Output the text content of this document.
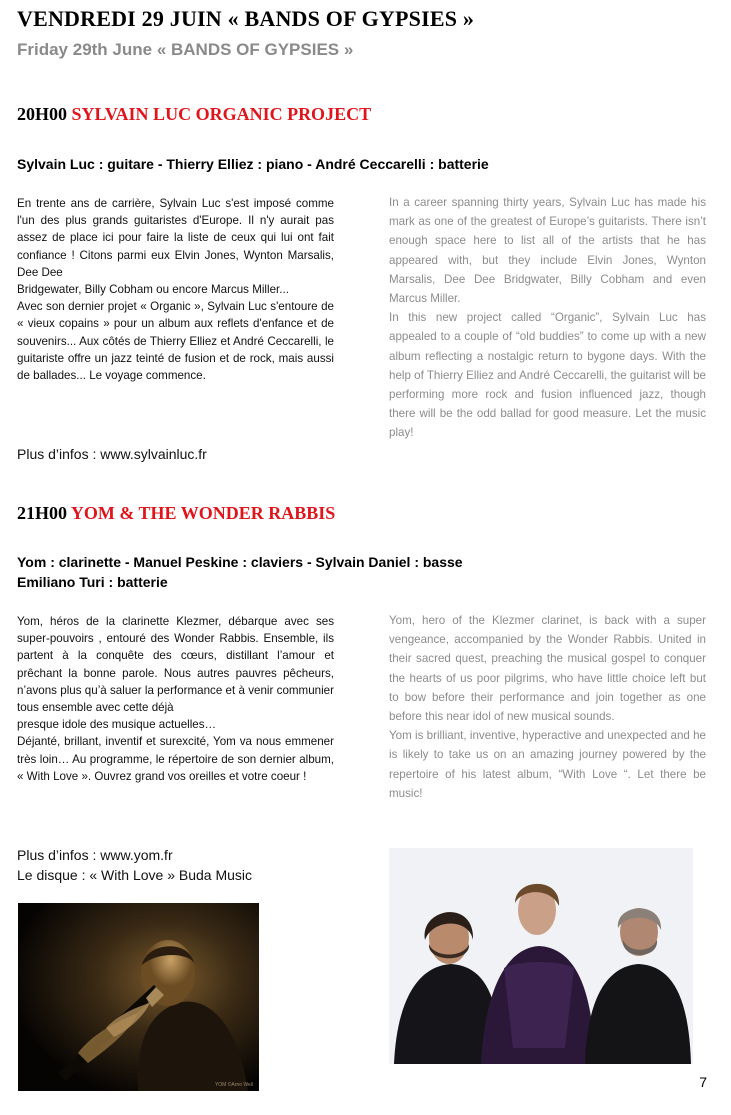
VENDREDI 29 JUIN « BANDS OF GYPSIES »
Friday 29th June « BANDS OF GYPSIES »
20H00 SYLVAIN LUC ORGANIC PROJECT
Sylvain Luc : guitare - Thierry Elliez : piano - André Ceccarelli : batterie

En trente ans de carrière, Sylvain Luc s'est imposé comme l'un des plus grands guitaristes d'Europe. Il n'y aurait pas assez de place ici pour faire la liste de ceux qui lui ont fait confiance ! Citons parmi eux Elvin Jones, Wynton Marsalis, Dee Dee

Bridgewater, Billy Cobham ou encore Marcus Miller...

Avec son dernier projet « Organic », Sylvain Luc s'entoure de « vieux copains » pour un album aux reflets d'enfance et de souvenirs... Aux côtés de Thierry Elliez et André Ceccarelli, le guitariste offre un jazz teinté de fusion et de rock, mais aussi de ballades... Le voyage commence.

In a career spanning thirty years, Sylvain Luc has made his mark as one of the greatest of Europe’s guitarists. There isn’t enough space here to list all of the artists that he has appeared with, but they include Elvin Jones, Wynton Marsalis, Dee Dee Bridgwater, Billy Cobham and even Marcus Miller.

In this new project called “Organic”, Sylvain Luc has appealed to a couple of “old buddies” to come up with a new album reflecting a nostalgic return to bygone days. With the help of Thierry Elliez and André Ceccarelli, the guitarist will be performing more rock and fusion influenced jazz, though there will be the odd ballad for good measure. Let the music play!

Plus d’infos : www.sylvainluc.fr
21H00 YOM & THE WONDER RABBIS
Yom : clarinette - Manuel Peskine : claviers - Sylvain Daniel : basse
Emiliano Turi : batterie

Yom, héros de la clarinette Klezmer, débarque avec ses super-pouvoirs , entouré des Wonder Rabbis. Ensemble, ils partent à la conquête des cœurs, distillant l’amour et prêchant la bonne parole. Nous autres pauvres pêcheurs, n’avons plus qu’à saluer la performance et à venir communier tous ensemble avec cette déjà

presque idole des musique actuelles…

Déjanté, brillant, inventif et surexcité, Yom va nous emmener très loin… Au programme, le répertoire de son dernier album, « With Love ». Ouvrez grand vos oreilles et votre coeur !

Yom, hero of the Klezmer clarinet, is back with a super vengeance, accompanied by the Wonder Rabbis. United in their sacred quest, preaching the musical gospel to conquer the hearts of us poor pilgrims, who have little choice left but to bow before their performance and join together as one before this near idol of new musical sounds.

Yom is brilliant, inventive, hyperactive and unexpected and he is likely to take us on an amazing journey powered by the repertoire of his latest album, “With Love “. Let there be music!

Plus d’infos : www.yom.fr
Le disque : « With Love » Buda Music
YOM ©Arno Weil	7
